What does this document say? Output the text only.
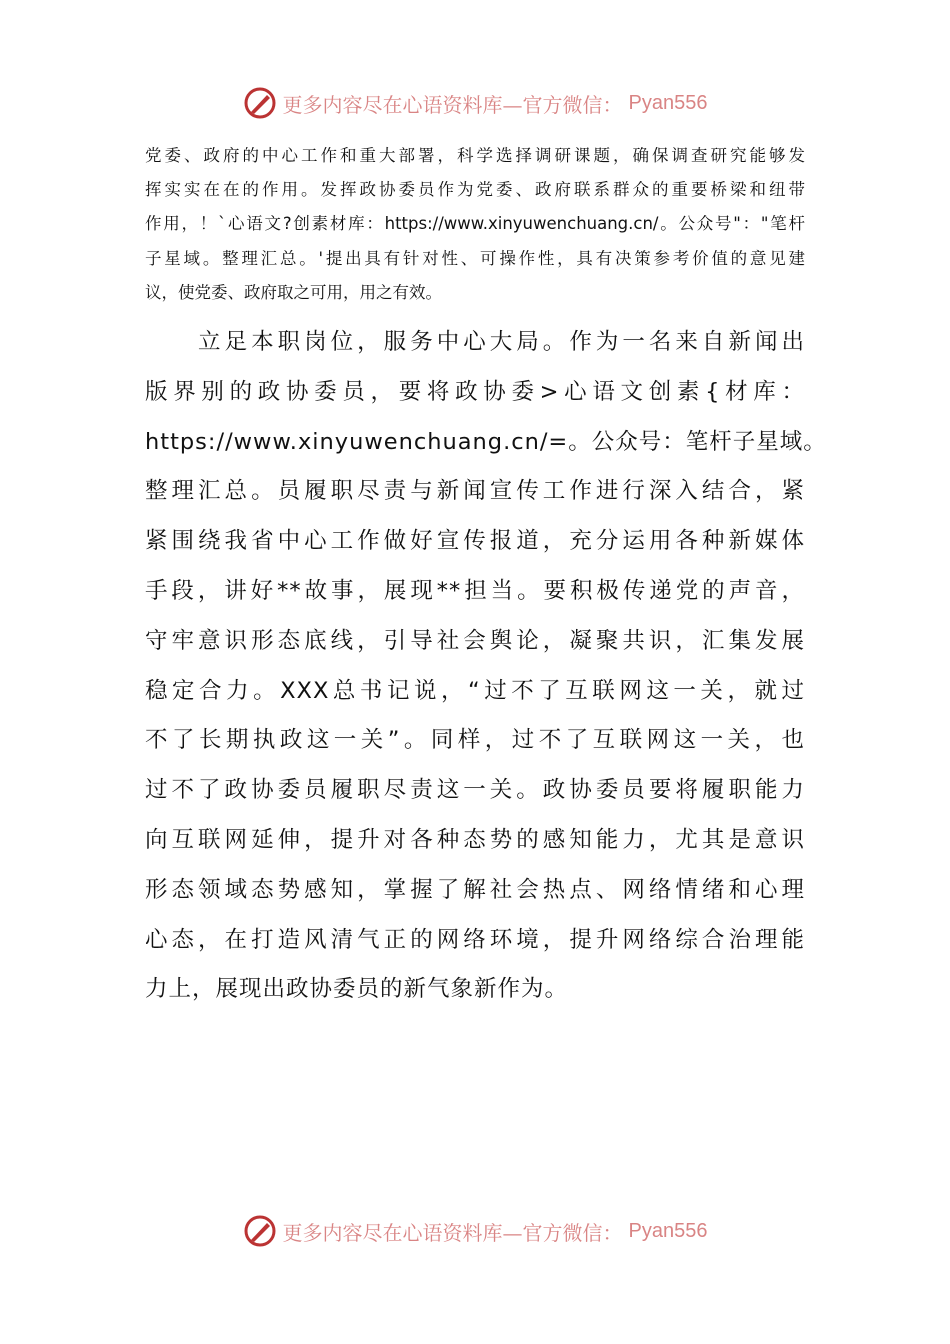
更多内容尽在心语资料库—官方微信： Pyan556
党委、政府的中心工作和重大部署，科学选择调研课题，确保调查研究能够发
挥实实在在的作用。发挥政协委员作为党委、政府联系群众的重要桥梁和纽带
作用，！`心语文?创素材库：https://www.xinyuwenchuang.cn/。公众号"："笔杆
子星域。整理汇总。'提出具有针对性、可操作性，具有决策参考价值的意见建
议，使党委、政府取之可用，用之有效。
　　立足本职岗位，服务中心大局。作为一名来自新闻出
版界别的政协委员，要将政协委>心语文创素{材库：
https://www.xinyuwenchuang.cn/=。公众号：笔杆子星域。
整理汇总。员履职尽责与新闻宣传工作进行深入结合，紧
紧围绕我省中心工作做好宣传报道，充分运用各种新媒体
手段，讲好**故事，展现**担当。要积极传递党的声音，
守牢意识形态底线，引导社会舆论，凝聚共识，汇集发展
稳定合力。XXX总书记说，“过不了互联网这一关，就过
不了长期执政这一关”。同样，过不了互联网这一关，也
过不了政协委员履职尽责这一关。政协委员要将履职能力
向互联网延伸，提升对各种态势的感知能力，尤其是意识
形态领域态势感知，掌握了解社会热点、网络情绪和心理
心态，在打造风清气正的网络环境，提升网络综合治理能
力上，展现出政协委员的新气象新作为。
更多内容尽在心语资料库—官方微信： Pyan556
